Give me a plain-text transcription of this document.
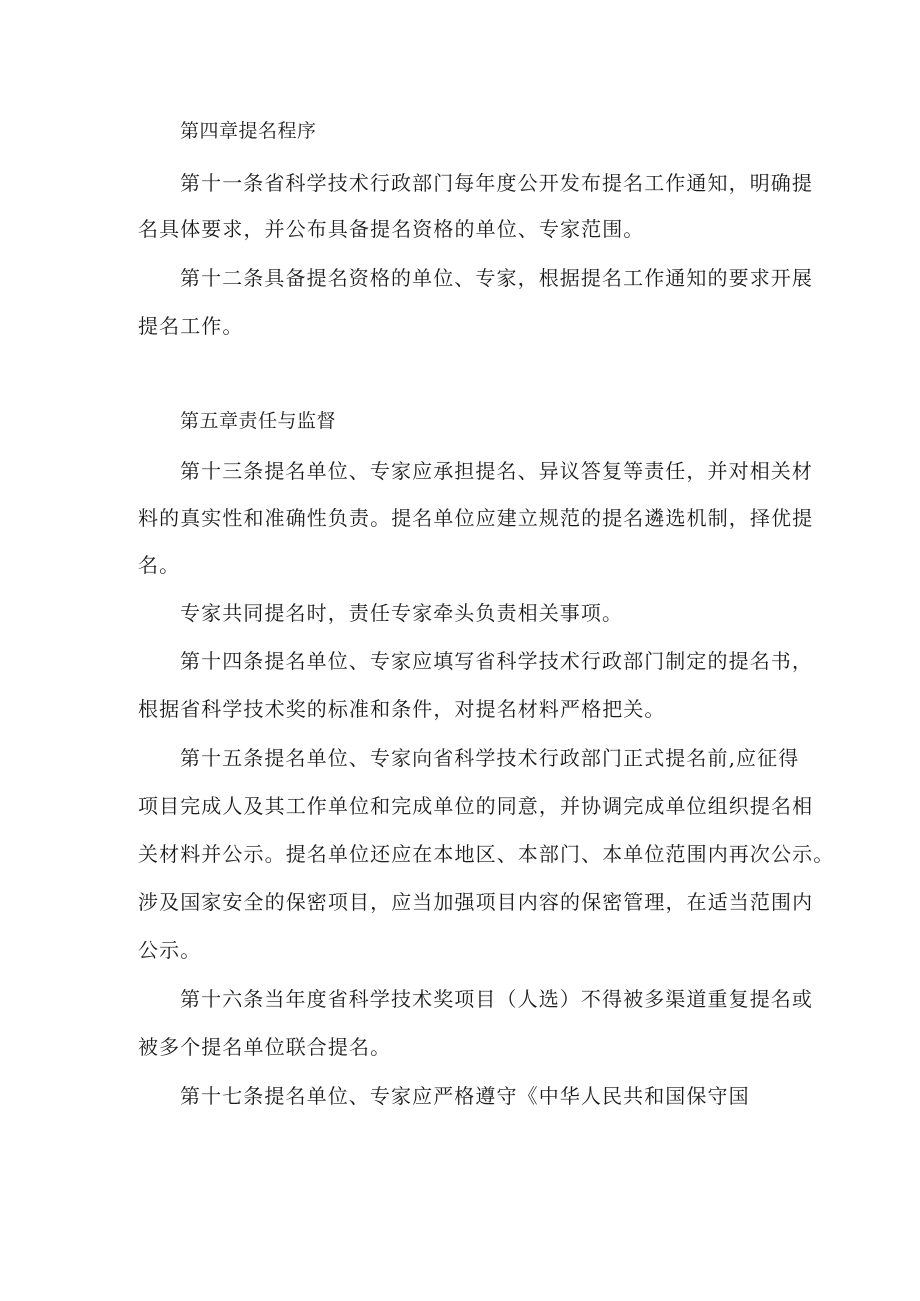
第四章提名程序
第十一条省科学技术行政部门每年度公开发布提名工作通知，明确提
名具体要求，并公布具备提名资格的单位、专家范围。
第十二条具备提名资格的单位、专家，根据提名工作通知的要求开展
提名工作。
第五章责任与监督
第十三条提名单位、专家应承担提名、异议答复等责任，并对相关材
料的真实性和准确性负责。提名单位应建立规范的提名遴选机制，择优提
名。
专家共同提名时，责任专家牵头负责相关事项。
第十四条提名单位、专家应填写省科学技术行政部门制定的提名书，
根据省科学技术奖的标准和条件，对提名材料严格把关。
第十五条提名单位、专家向省科学技术行政部门正式提名前,应征得
项目完成人及其工作单位和完成单位的同意，并协调完成单位组织提名相
关材料并公示。提名单位还应在本地区、本部门、本单位范围内再次公示。
涉及国家安全的保密项目，应当加强项目内容的保密管理，在适当范围内
公示。
第十六条当年度省科学技术奖项目（人选）不得被多渠道重复提名或
被多个提名单位联合提名。
第十七条提名单位、专家应严格遵守《中华人民共和国保守国
